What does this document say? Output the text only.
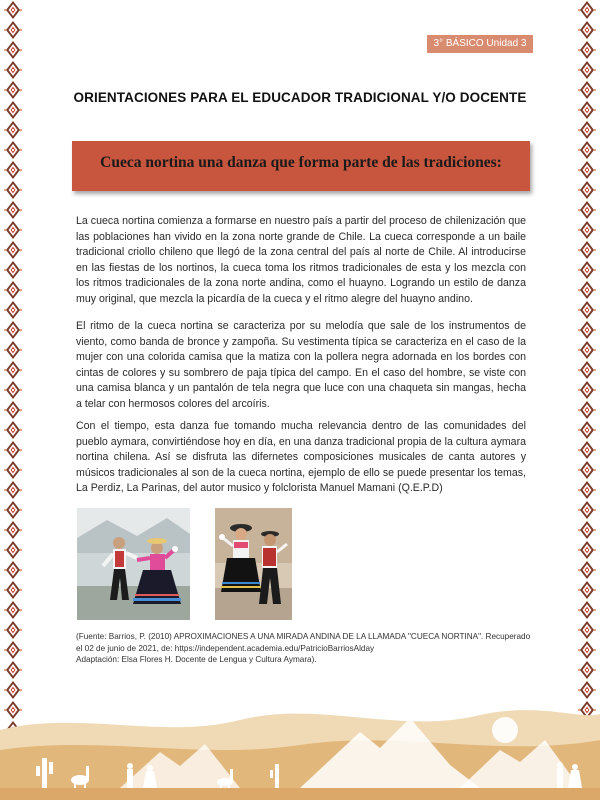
3° BÁSICO Unidad 3
ORIENTACIONES PARA EL EDUCADOR TRADICIONAL Y/O DOCENTE
Cueca nortina una danza que forma parte de las tradiciones:

La cueca nortina comienza a formarse en nuestro país a partir del proceso de chilenización que las poblaciones han vivido en la zona norte grande de Chile. La cueca corresponde a un baile tradicional criollo chileno que llegó de la zona central del país al norte de Chile. Al introducirse en las fiestas de los nortinos, la cueca toma los ritmos tradicionales de esta y los mezcla con los ritmos tradicionales de la zona norte andina, como el huayno. Logrando un estilo de danza muy original, que mezcla la picardía de la cueca y el ritmo alegre del huayno andino.

El ritmo de la cueca nortina se caracteriza por su melodía que sale de los instrumentos de viento, como banda de bronce y zampoña. Su vestimenta típica se caracteriza en el caso de la mujer con una colorida camisa que la matiza con la pollera negra adornada en los bordes con cintas de colores y su sombrero de paja típica del campo. En el caso del hombre, se viste con una camisa blanca y un pantalón de tela negra que luce con una chaqueta sin mangas, hecha a telar con hermosos colores del arcoíris.

Con el tiempo, esta danza fue tomando mucha relevancia dentro de las comunidades del pueblo aymara, convirtiéndose hoy en día, en una danza tradicional propia de la cultura aymara nortina chilena. Así se disfruta las difernetes composiciones musicales de canta autores y músicos tradicionales al son de la cueca nortina, ejemplo de ello se puede presentar los temas, La Perdiz, La Parinas, del autor musico y folclorista Manuel Mamani (Q.E.P.D)

(Fuente: Barrios, P. (2010) APROXIMACIONES A UNA MIRADA ANDINA DE LA LLAMADA "CUECA NORTINA". Recuperado
el 02 de junio de 2021, de: https://independent.academia.edu/PatricioBarriosAlday
Adaptación: Elsa Flores H. Docente de Lengua y Cultura Aymara).
